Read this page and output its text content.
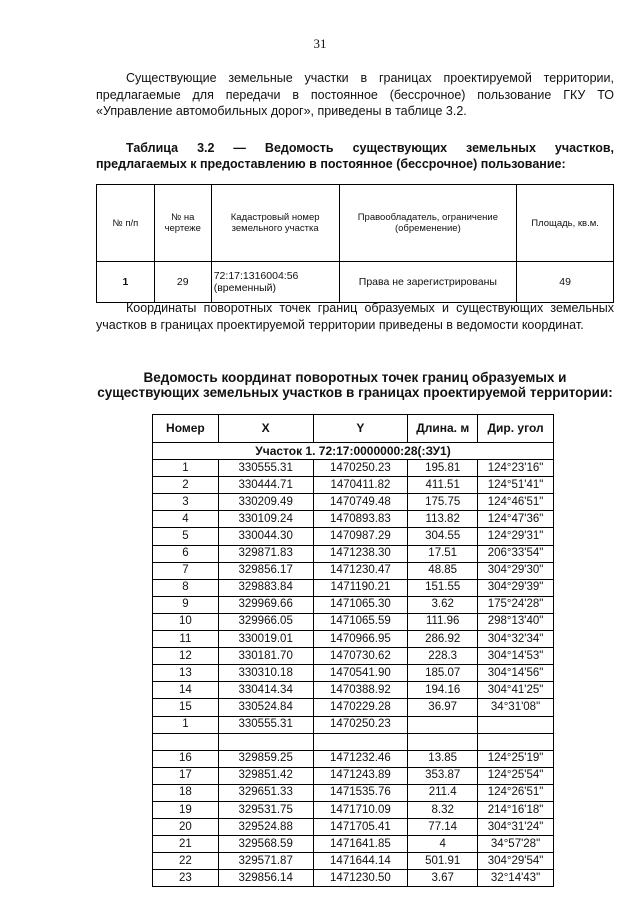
31
Существующие земельные участки в границах проектируемой территории, предлагаемые для передачи в постоянное (бессрочное) пользование ГКУ ТО «Управление автомобильных дорог», приведены в таблице 3.2.
Таблица 3.2 — Ведомость существующих земельных участков, предлагаемых к предоставлению в постоянное (бессрочное) пользование:
№ п/п	№ на чертеже	Кадастровый номер земельного участка	Правообладатель, ограничение (обременение)	Площадь, кв.м.
1	29	72:17:1316004:56 (временный)	Права не зарегистрированы	49
Координаты поворотных точек границ образуемых и существующих земельных участков в границах проектируемой территории приведены в ведомости координат.
Ведомость координат поворотных точек границ образуемых и существующих земельных участков в границах проектируемой территории:
Номер	X	Y	Длина. м	Дир. угол
Участок 1. 72:17:0000000:28(:ЗУ1)				
1	330555.31	1470250.23	195.81	124°23'16"
2	330444.71	1470411.82	411.51	124°51'41"
3	330209.49	1470749.48	175.75	124°46'51"
4	330109.24	1470893.83	113.82	124°47'36"
5	330044.30	1470987.29	304.55	124°29'31"
6	329871.83	1471238.30	17.51	206°33'54"
7	329856.17	1471230.47	48.85	304°29'30"
8	329883.84	1471190.21	151.55	304°29'39"
9	329969.66	1471065.30	3.62	175°24'28"
10	329966.05	1471065.59	111.96	298°13'40"
11	330019.01	1470966.95	286.92	304°32'34"
12	330181.70	1470730.62	228.3	304°14'53"
13	330310.18	1470541.90	185.07	304°14'56"
14	330414.34	1470388.92	194.16	304°41'25"
15	330524.84	1470229.28	36.97	34°31'08"
1	330555.31	1470250.23		

16	329859.25	1471232.46	13.85	124°25'19"
17	329851.42	1471243.89	353.87	124°25'54"
18	329651.33	1471535.76	211.4	124°26'51"
19	329531.75	1471710.09	8.32	214°16'18"
20	329524.88	1471705.41	77.14	304°31'24"
21	329568.59	1471641.85	4	34°57'28"
22	329571.87	1471644.14	501.91	304°29'54"
23	329856.14	1471230.50	3.67	32°14'43"
